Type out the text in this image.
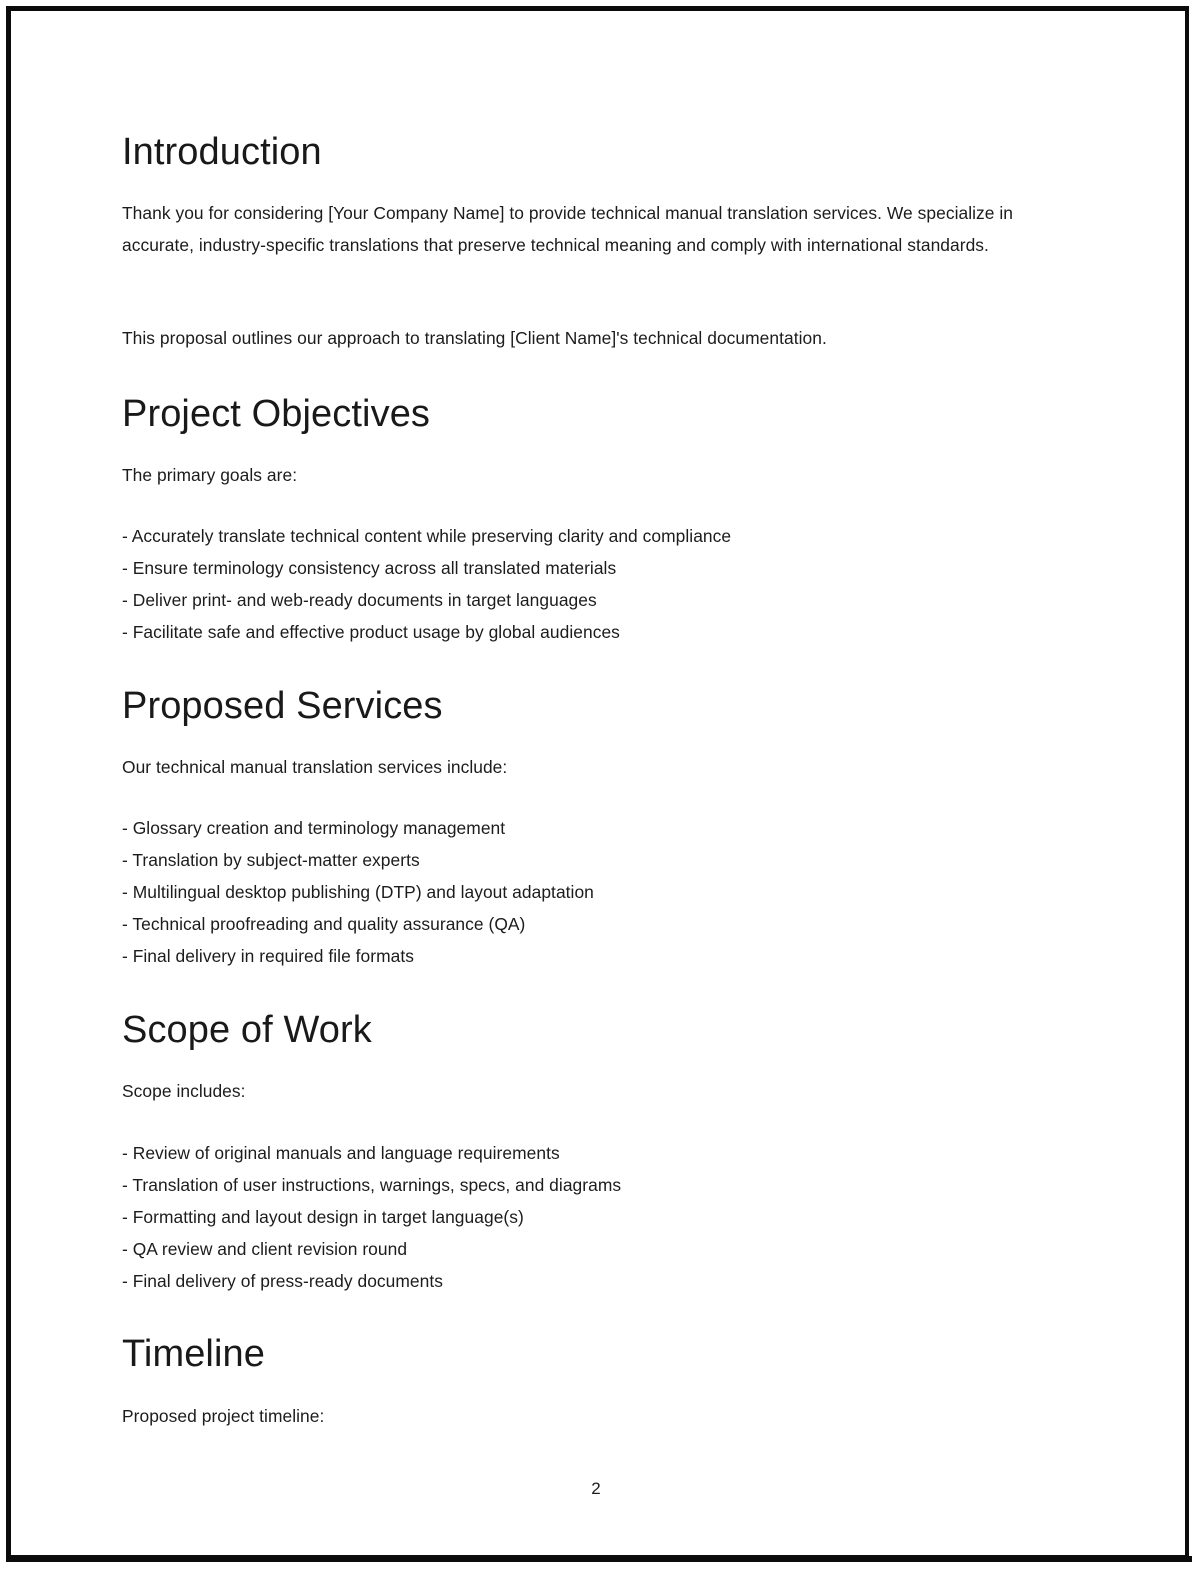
Introduction

Thank you for considering [Your Company Name] to provide technical manual translation services. We specialize in accurate, industry-specific translations that preserve technical meaning and comply with international standards.

This proposal outlines our approach to translating [Client Name]'s technical documentation.

Project Objectives

The primary goals are:

- Accurately translate technical content while preserving clarity and compliance
- Ensure terminology consistency across all translated materials
- Deliver print- and web-ready documents in target languages
- Facilitate safe and effective product usage by global audiences
Proposed Services

Our technical manual translation services include:

- Glossary creation and terminology management
- Translation by subject-matter experts
- Multilingual desktop publishing (DTP) and layout adaptation
- Technical proofreading and quality assurance (QA)
- Final delivery in required file formats
Scope of Work

Scope includes:

- Review of original manuals and language requirements
- Translation of user instructions, warnings, specs, and diagrams
- Formatting and layout design in target language(s)
- QA review and client revision round
- Final delivery of press-ready documents
Timeline

Proposed project timeline:

2
